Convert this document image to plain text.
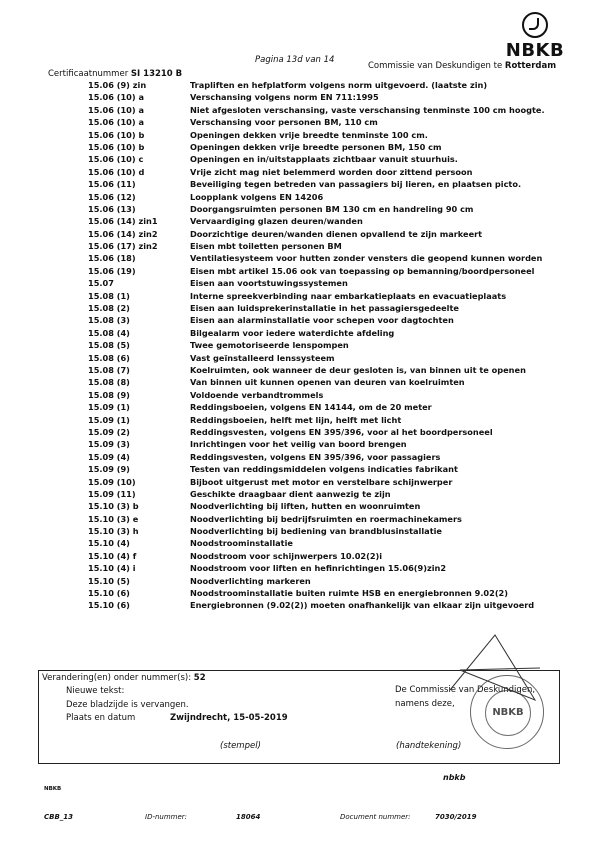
NBKB
Pagina 13d van 14
Commissie van Deskundigen te Rotterdam
Certificaatnummer SI 13210 B
15.06 (9) zin	Trapliften en hefplatform volgens norm uitgevoerd. (laatste zin)
15.06 (10) a	Verschansing volgens norm EN 711:1995
15.06 (10) a	Niet afgesloten verschansing, vaste verschansing tenminste 100 cm hoogte.
15.06 (10) a	Verschansing voor personen BM, 110 cm
15.06 (10) b	Openingen dekken vrije breedte tenminste 100 cm.
15.06 (10) b	Openingen dekken vrije breedte personen BM, 150 cm
15.06 (10) c	Openingen en in/uitstapplaats zichtbaar vanuit stuurhuis.
15.06 (10) d	Vrije zicht mag niet belemmerd worden door zittend persoon
15.06 (11)	Beveiliging tegen betreden van passagiers bij lieren, en plaatsen picto.
15.06 (12)	Loopplank volgens EN 14206
15.06 (13)	Doorgangsruimten personen BM 130 cm en handreling 90 cm
15.06 (14) zin1	Vervaardiging glazen deuren/wanden
15.06 (14) zin2	Doorzichtige deuren/wanden dienen opvallend te zijn markeert
15.06 (17) zin2	Eisen mbt toiletten personen BM
15.06 (18)	Ventilatiesysteem voor hutten zonder vensters die geopend kunnen worden
15.06 (19)	Eisen mbt artikel 15.06 ook van toepassing op bemanning/boordpersoneel
15.07	Eisen aan voortstuwingssystemen
15.08 (1)	Interne spreekverbinding naar embarkatieplaats en evacuatieplaats
15.08 (2)	Eisen aan luidsprekerinstallatie in het passagiersgedeelte
15.08 (3)	Eisen aan alarminstallatie voor schepen voor dagtochten
15.08 (4)	Bilgealarm voor iedere waterdichte afdeling
15.08 (5)	Twee gemotoriseerde lenspompen
15.08 (6)	Vast geïnstalleerd lenssysteem
15.08 (7)	Koelruimten, ook wanneer de deur gesloten is, van binnen uit te openen
15.08 (8)	Van binnen uit kunnen openen van deuren van koelruimten
15.08 (9)	Voldoende verbandtrommels
15.09 (1)	Reddingsboeien, volgens EN 14144, om de 20 meter
15.09 (1)	Reddingsboeien, helft met lijn, helft met licht
15.09 (2)	Reddingsvesten, volgens EN 395/396, voor al het boordpersoneel
15.09 (3)	Inrichtingen voor het veilig van boord brengen
15.09 (4)	Reddingsvesten, volgens EN 395/396, voor passagiers
15.09 (9)	Testen van reddingsmiddelen volgens indicaties fabrikant
15.09 (10)	Bijboot uitgerust met motor en verstelbare schijnwerper
15.09 (11)	Geschikte draagbaar dient aanwezig te zijn
15.10 (3) b	Noodverlichting bij liften, hutten en woonruimten
15.10 (3) e	Noodverlichting bij bedrijfsruimten en roermachinekamers
15.10 (3) h	Noodverlichting bij bediening van brandblusinstallatie
15.10 (4)	Noodstroominstallatie
15.10 (4) f	Noodstroom voor schijnwerpers 10.02(2)i
15.10 (4) i	Noodstroom voor liften en hefinrichtingen 15.06(9)zin2
15.10 (5)	Noodverlichting markeren
15.10 (6)	Noodstroominstallatie buiten ruimte HSB en energiebronnen 9.02(2)
15.10 (6)	Energiebronnen (9.02(2)) moeten onafhankelijk van elkaar zijn uitgevoerd
Verandering(en) onder nummer(s): 52
Nieuwe tekst:
Deze bladzijde is vervangen.
Plaats en datum	Zwijndrecht, 15-05-2019
De Commissie van Deskundigen,
namens deze,
(stempel)	(handtekening)
NBKB
NBKB
nbkb
CBB_13	ID-nummer:	18064	Document nummer:	7030/2019
